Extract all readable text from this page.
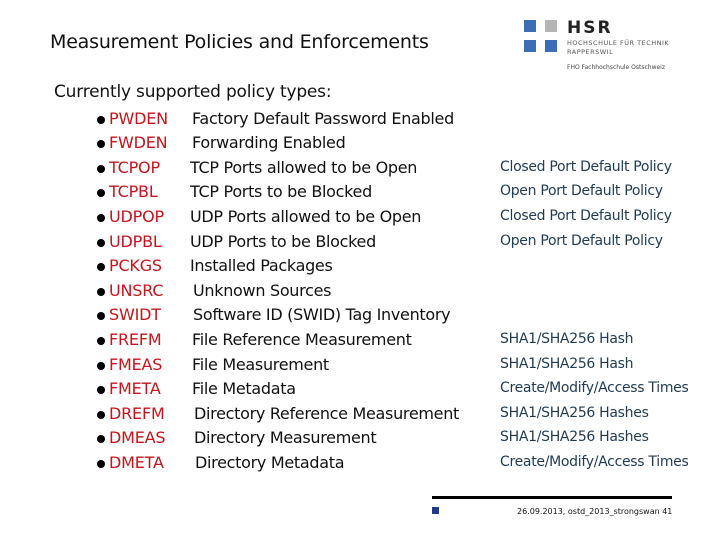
Measurement Policies and Enforcements
HSR
HOCHSCHULE FÜR TECHNIK
RAPPERSWIL
FHO Fachhochschule Ostschweiz
Currently supported policy types:
PWDEN Factory Default Password Enabled
FWDEN Forwarding Enabled
TCPOP TCP Ports allowed to be Open	Closed Port Default Policy
TCPBL TCP Ports to be Blocked	Open Port Default Policy
UDPOP UDP Ports allowed to be Open	Closed Port Default Policy
UDPBL UDP Ports to be Blocked	Open Port Default Policy
PCKGS Installed Packages
UNSRC Unknown Sources
SWIDT Software ID (SWID) Tag Inventory
FREFM File Reference Measurement	SHA1/SHA256 Hash
FMEAS File Measurement	SHA1/SHA256 Hash
FMETA File Metadata	Create/Modify/Access Times
DREFM Directory Reference Measurement	SHA1/SHA256 Hashes
DMEAS Directory Measurement	SHA1/SHA256 Hashes
DMETA Directory Metadata	Create/Modify/Access Times
26.09.2013, ostd_2013_strongswan 41
